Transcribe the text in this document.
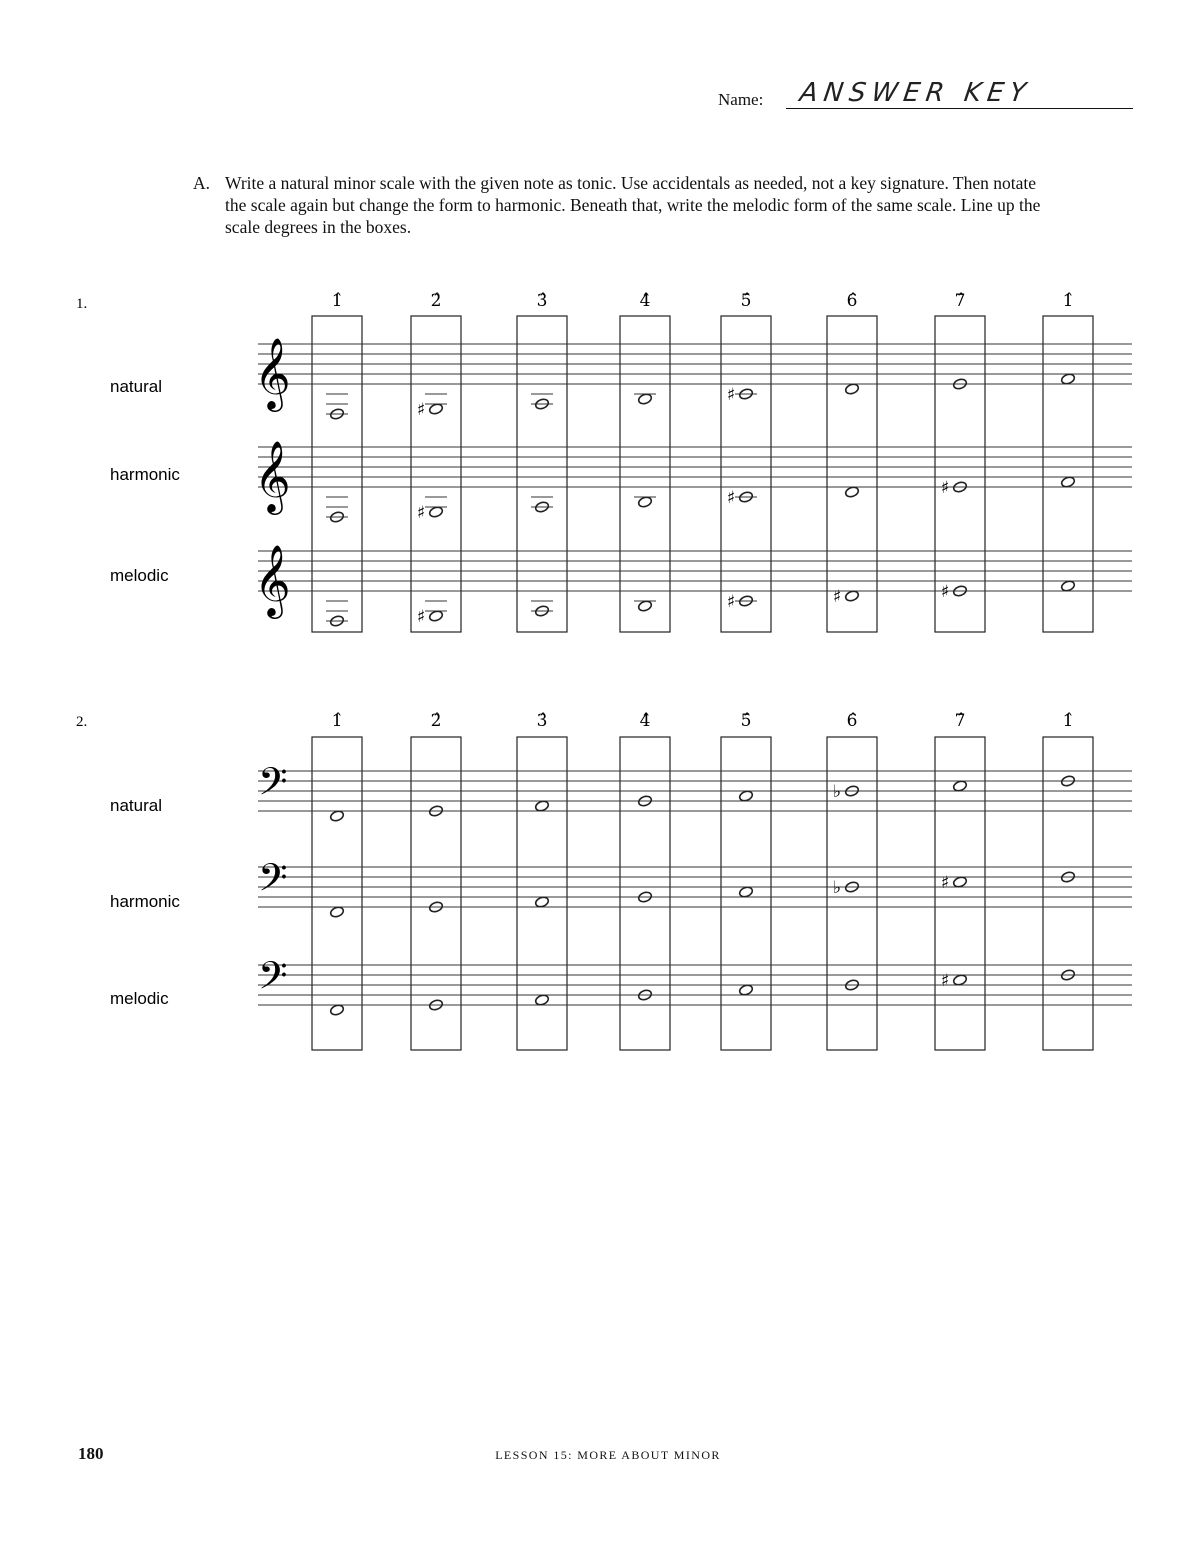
Name: ANSWER KEY
A. Write a natural minor scale with the given note as tonic. Use accidentals as needed, not a key signature. Then notate the scale again but change the form to harmonic. Beneath that, write the melodic form of the same scale. Line up the scale degrees in the boxes.
1.	1̂	2̂	3̂	4̂	5̂	6̂	7̂	1̂
natural 𝄞
♯
♯
harmonic 𝄞
♯
♯	♯
melodic 𝄞
♯
♯	♯	♯
2.	1̂	2̂	3̂	4̂	5̂	6̂	7̂	1̂
natural 𝄢	♭
harmonic 𝄢	♭	♯
melodic 𝄢	♯
180	LESSON 15: MORE ABOUT MINOR
